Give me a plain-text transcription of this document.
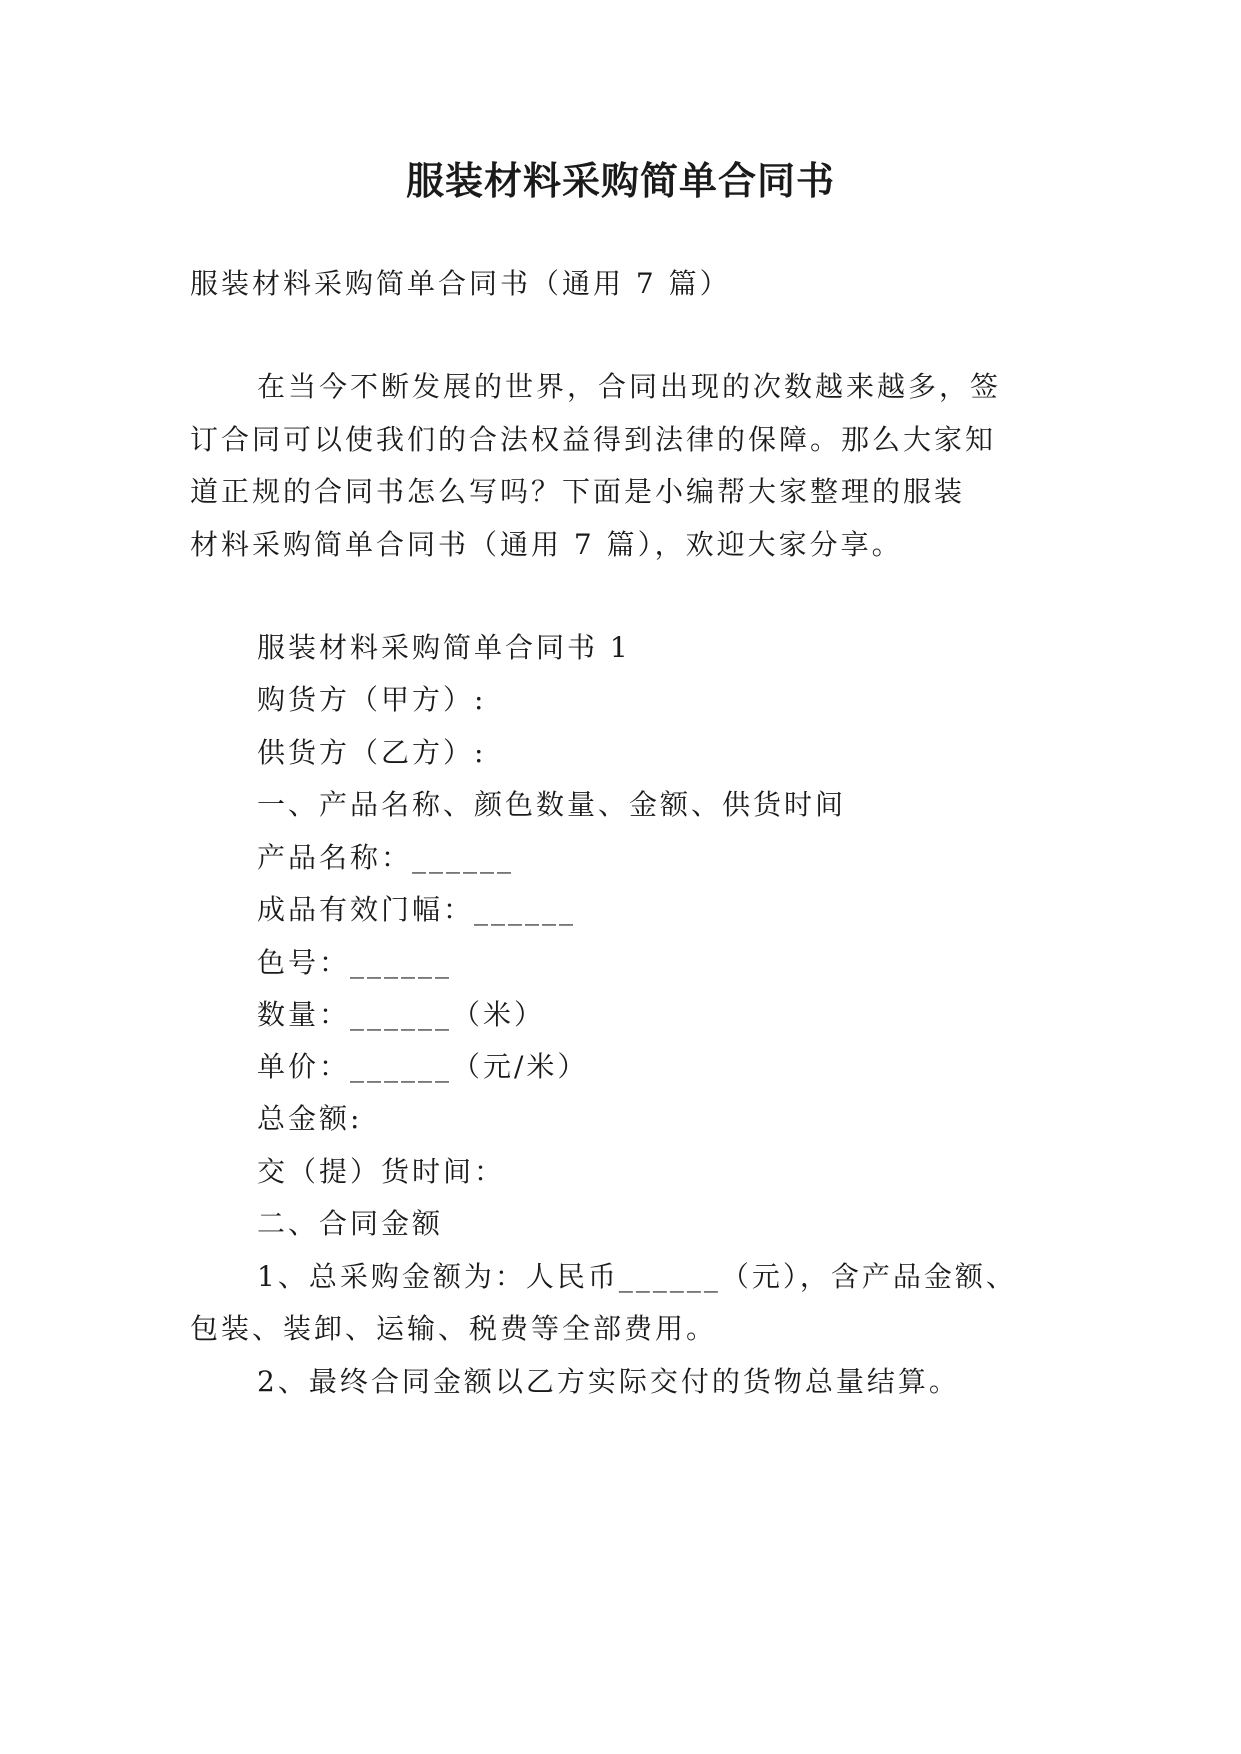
服装材料采购简单合同书
服装材料采购简单合同书（通用 7 篇）
在当今不断发展的世界，合同出现的次数越来越多，签
订合同可以使我们的合法权益得到法律的保障。那么大家知
道正规的合同书怎么写吗？下面是小编帮大家整理的服装
材料采购简单合同书（通用 7 篇），欢迎大家分享。
服装材料采购简单合同书 1
购货方（甲方）:
供货方（乙方）:
一、产品名称、颜色数量、金额、供货时间
产品名称：______
成品有效门幅：______
色号：______
数量：______（米）
单价：______（元/米）
总金额:
交（提）货时间：
二、合同金额
1、总采购金额为：人民币______（元），含产品金额、
包装、装卸、运输、税费等全部费用。
2、最终合同金额以乙方实际交付的货物总量结算。
